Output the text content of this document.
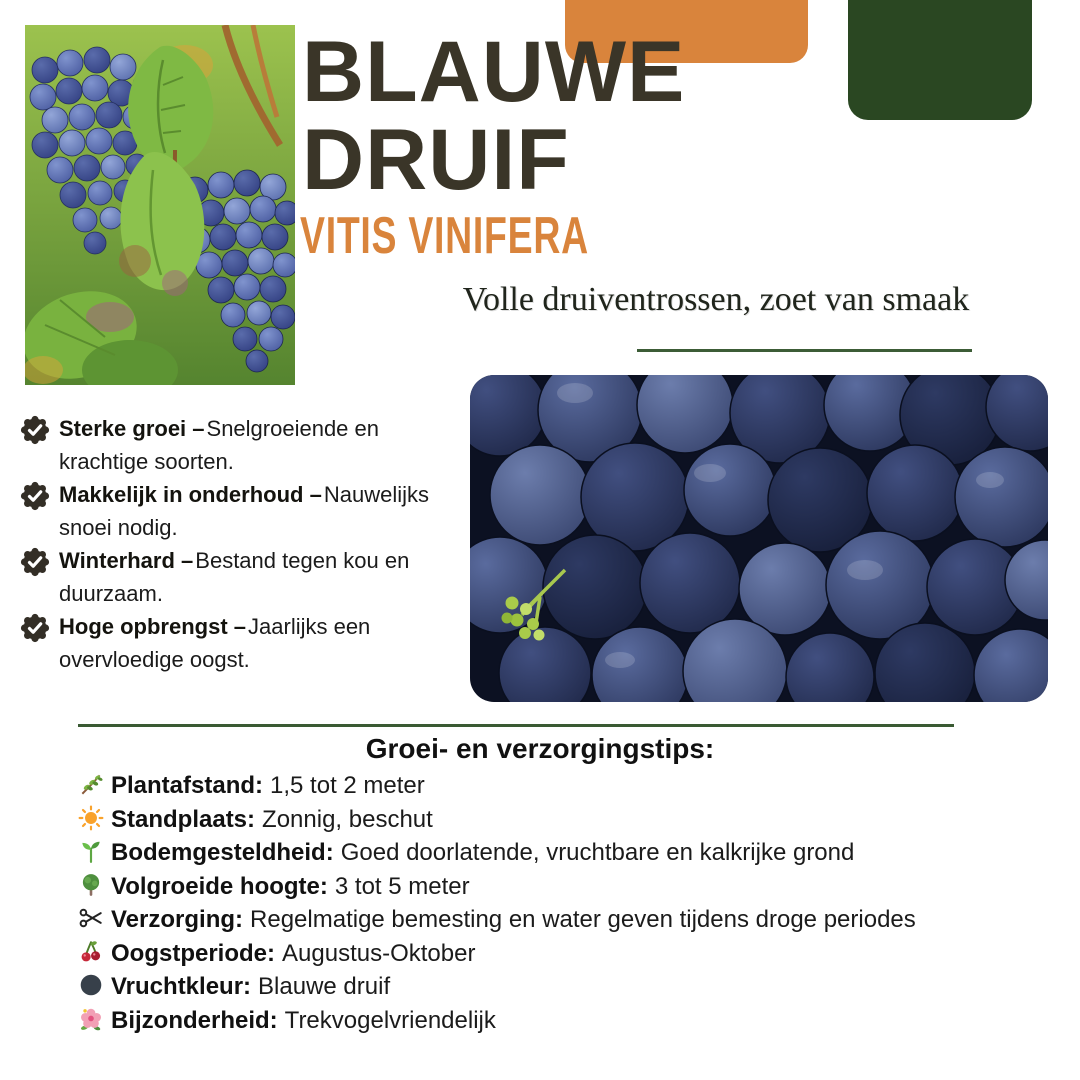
BLAUWE
DRUIF
VITIS VINIFERA
Volle druiventrossen, zoet van smaak
Sterke groei –Snelgroeiende en krachtige soorten.
Makkelijk in onderhoud –Nauwelijks snoei nodig.
Winterhard –Bestand tegen kou en duurzaam.
Hoge opbrengst –Jaarlijks een overvloedige oogst.
Groei- en verzorgingstips:
Plantafstand: 1,5 tot 2 meter
Standplaats: Zonnig, beschut
Bodemgesteldheid: Goed doorlatende, vruchtbare en kalkrijke grond
Volgroeide hoogte: 3 tot 5 meter
Verzorging: Regelmatige bemesting en water geven tijdens droge periodes
Oogstperiode: Augustus-Oktober
Vruchtkleur: Blauwe druif
Bijzonderheid: Trekvogelvriendelijk
